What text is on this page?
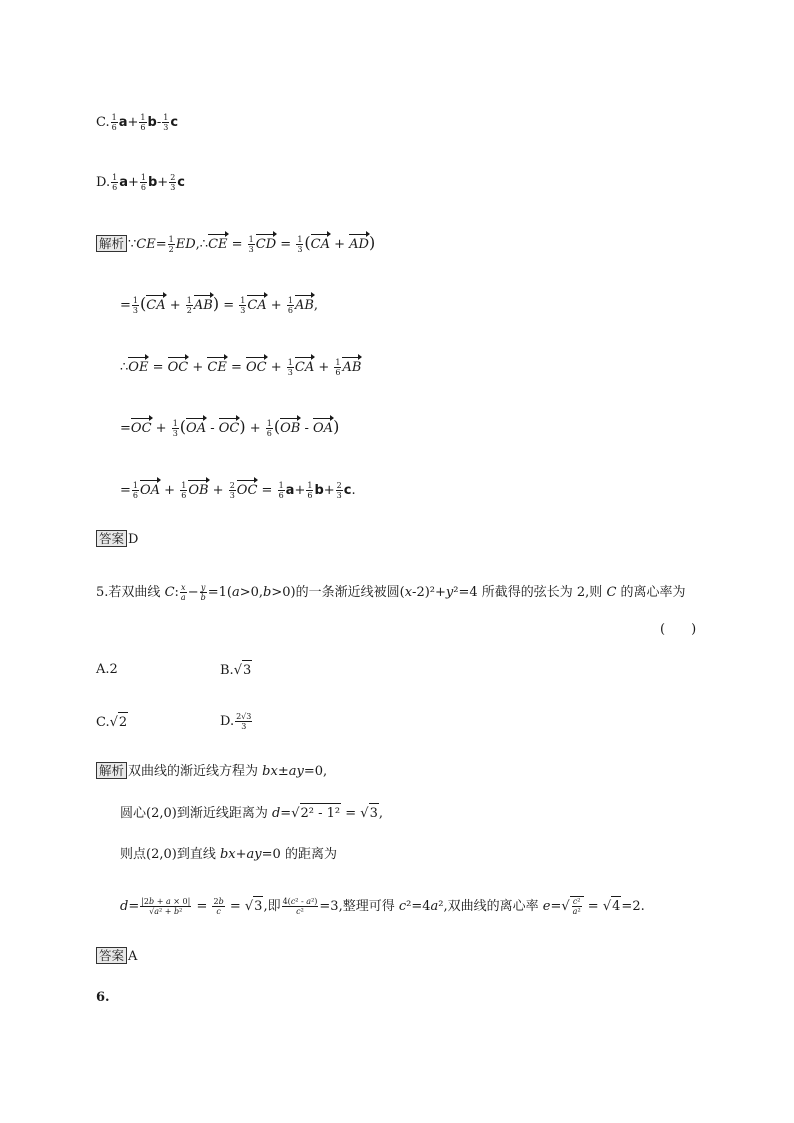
C. $\frac{1}{6} a+ \frac{1}{6} b- \frac{1}{3}$ c
D. $\frac{1}{6} a+ \frac{1}{6} b+ \frac{2}{3}$ c
解析 ∵CE= $\frac{1}{2}$ ED,∴CE = $\frac{1}{3}$ CD = $\frac{1}{3} (CA + AD)$
= $\frac{1}{3} (CA + \frac{1}{2} AB) = \frac{1}{3}$ CA + $\frac{1}{6}$ AB,
∴OE = OC + CE = OC + $\frac{1}{3}$ CA + $\frac{1}{6}$ AB
$=OC + \frac{1}{3} (OA - OC) + \frac{1}{6} (OB - OA)$
= $\frac{1}{6}$ OA + $\frac{1}{6}$ OB + $\frac{2}{3}$ OC = $\frac{1}{6} a+ \frac{1}{6} b+ \frac{2}{3} c$.
答案 D
5.若双曲线 C: $\frac{x}{a} - \frac{y}{b} =1(a>0,b>0)$的一条渐近线被圆(x-2)²+y²=4 所截得的弦长为 2,则 C 的离心率为
(　　)
A.2	B.√3
C.√2	D. $\frac{2√3}{3}$
解析 双曲线的渐近线方程为 bx±ay=0,
圆心(2,0)到渐近线距离为 d=√2² - 1² = √3,
则点(2,0)到直线 bx+ay=0 的距离为
$d= \frac{|2b + a \times 0|}{\text{√a² + b²}} = \frac{2b}{c} = √3$,即 $\frac{\text{4(c² - a²)}}{\text{c²}} =3$,整理可得 c²=4a²,双曲线的离心率 $e=√ \frac{\text{c²}}{\text{a²}} = √4=2$.
答案 A
6.
